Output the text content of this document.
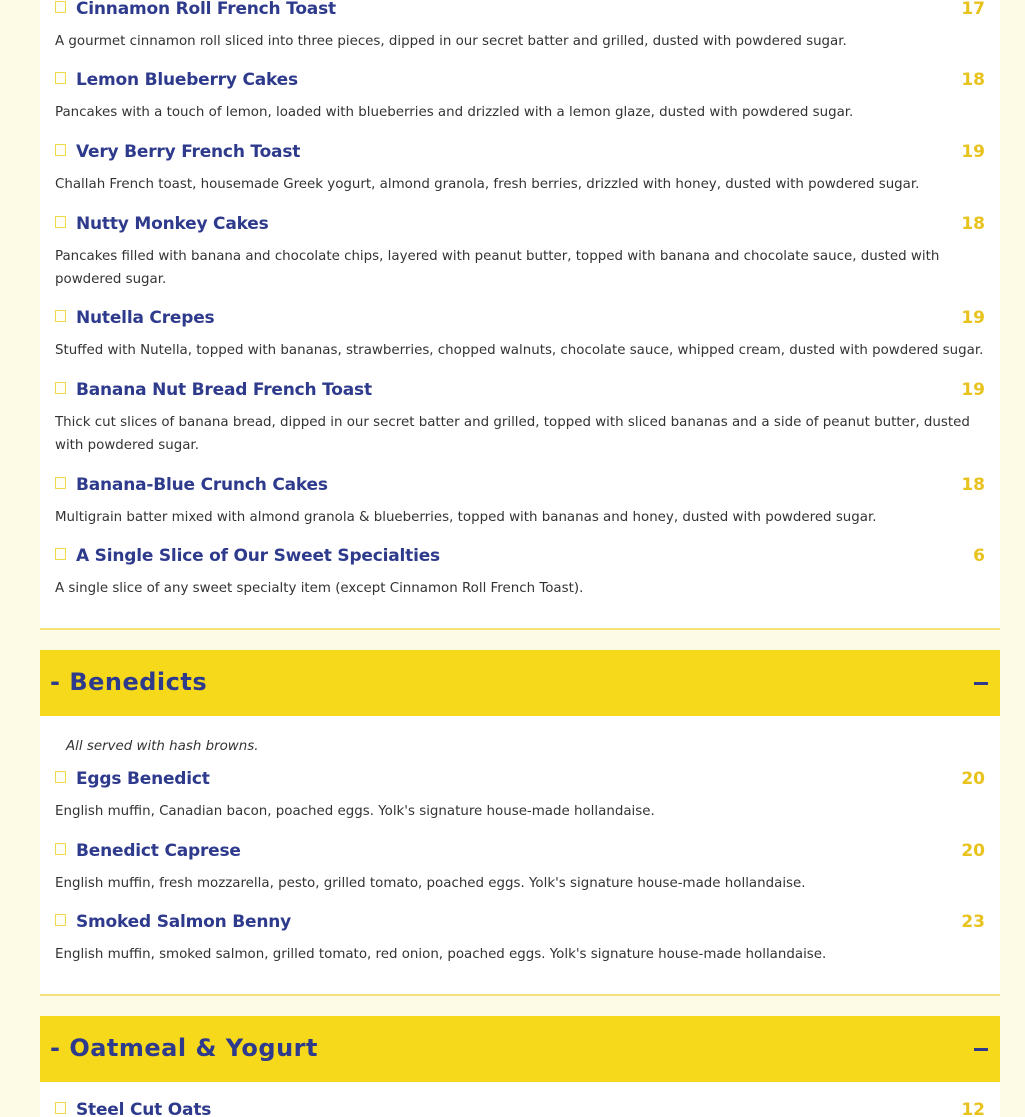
Cinnamon Roll French Toast	17
A gourmet cinnamon roll sliced into three pieces, dipped in our secret batter and grilled, dusted with powdered sugar.
Lemon Blueberry Cakes	18
Pancakes with a touch of lemon, loaded with blueberries and drizzled with a lemon glaze, dusted with powdered sugar.
Very Berry French Toast	19
Challah French toast, housemade Greek yogurt, almond granola, fresh berries, drizzled with honey, dusted with powdered sugar.
Nutty Monkey Cakes	18
Pancakes filled with banana and chocolate chips, layered with peanut butter, topped with banana and chocolate sauce, dusted with powdered sugar.
Nutella Crepes	19
Stuffed with Nutella, topped with bananas, strawberries, chopped walnuts, chocolate sauce, whipped cream, dusted with powdered sugar.
Banana Nut Bread French Toast	19
Thick cut slices of banana bread, dipped in our secret batter and grilled, topped with sliced bananas and a side of peanut butter, dusted with powdered sugar.
Banana-Blue Crunch Cakes	18
Multigrain batter mixed with almond granola & blueberries, topped with bananas and honey, dusted with powdered sugar.
A Single Slice of Our Sweet Specialties	6
A single slice of any sweet specialty item (except Cinnamon Roll French Toast).
- Benedicts
All served with hash browns.
Eggs Benedict	20
English muffin, Canadian bacon, poached eggs. Yolk's signature house-made hollandaise.
Benedict Caprese	20
English muffin, fresh mozzarella, pesto, grilled tomato, poached eggs. Yolk's signature house-made hollandaise.
Smoked Salmon Benny	23
English muffin, smoked salmon, grilled tomato, red onion, poached eggs. Yolk's signature house-made hollandaise.
- Oatmeal & Yogurt
Steel Cut Oats	12
